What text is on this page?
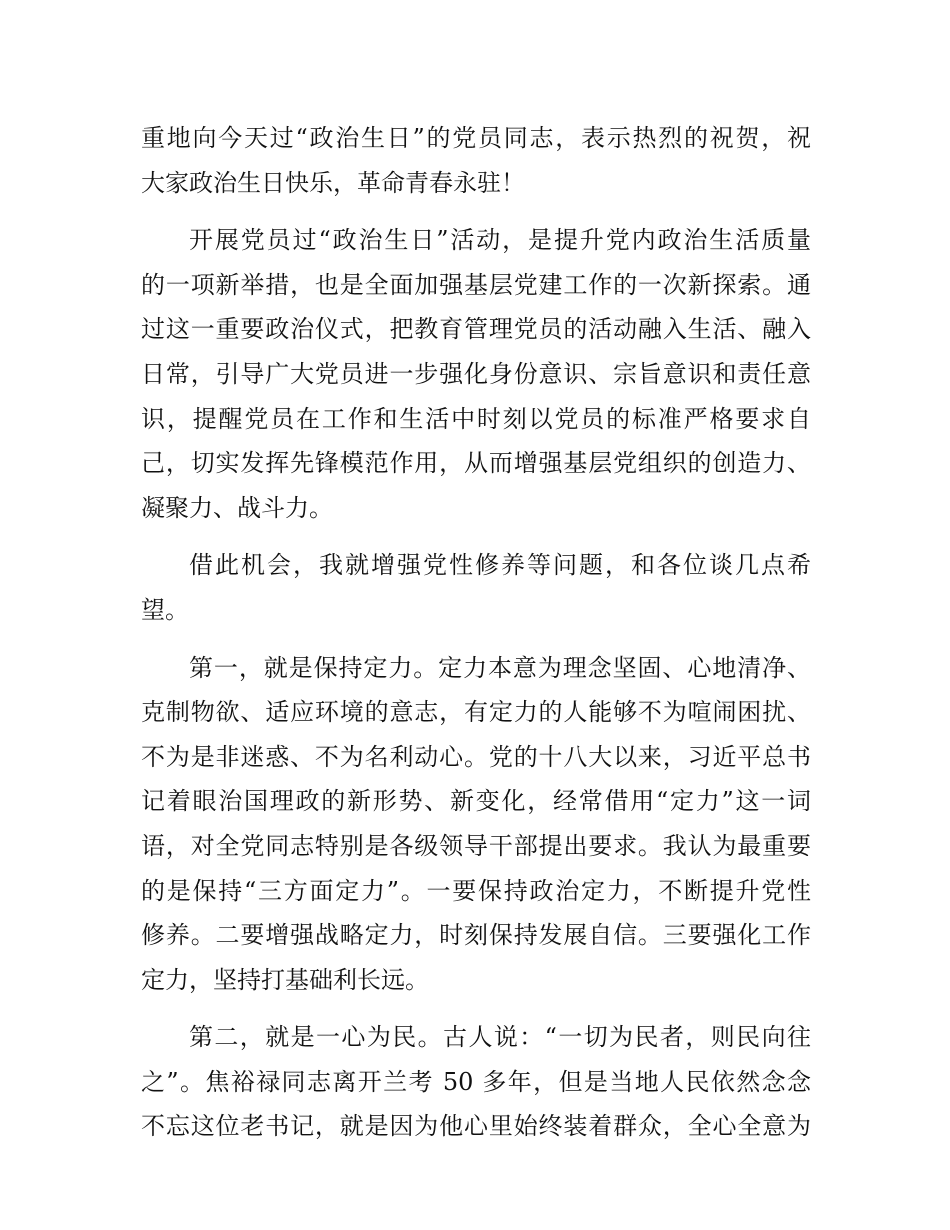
重地向今天过“政治生日”的党员同志，表示热烈的祝贺，祝
大家政治生日快乐，革命青春永驻！
开展党员过“政治生日”活动，是提升党内政治生活质量
的一项新举措，也是全面加强基层党建工作的一次新探索。通
过这一重要政治仪式，把教育管理党员的活动融入生活、融入
日常，引导广大党员进一步强化身份意识、宗旨意识和责任意
识，提醒党员在工作和生活中时刻以党员的标准严格要求自
己，切实发挥先锋模范作用，从而增强基层党组织的创造力、
凝聚力、战斗力。
借此机会，我就增强党性修养等问题，和各位谈几点希
望。
第一，就是保持定力。定力本意为理念坚固、心地清净、
克制物欲、适应环境的意志，有定力的人能够不为喧闹困扰、
不为是非迷惑、不为名利动心。党的十八大以来，习近平总书
记着眼治国理政的新形势、新变化，经常借用“定力”这一词
语，对全党同志特别是各级领导干部提出要求。我认为最重要
的是保持“三方面定力”。一要保持政治定力，不断提升党性
修养。二要增强战略定力，时刻保持发展自信。三要强化工作
定力，坚持打基础利长远。
第二，就是一心为民。古人说：“一切为民者，则民向往
之”。焦裕禄同志离开兰考 50 多年，但是当地人民依然念念
不忘这位老书记，就是因为他心里始终装着群众，全心全意为
